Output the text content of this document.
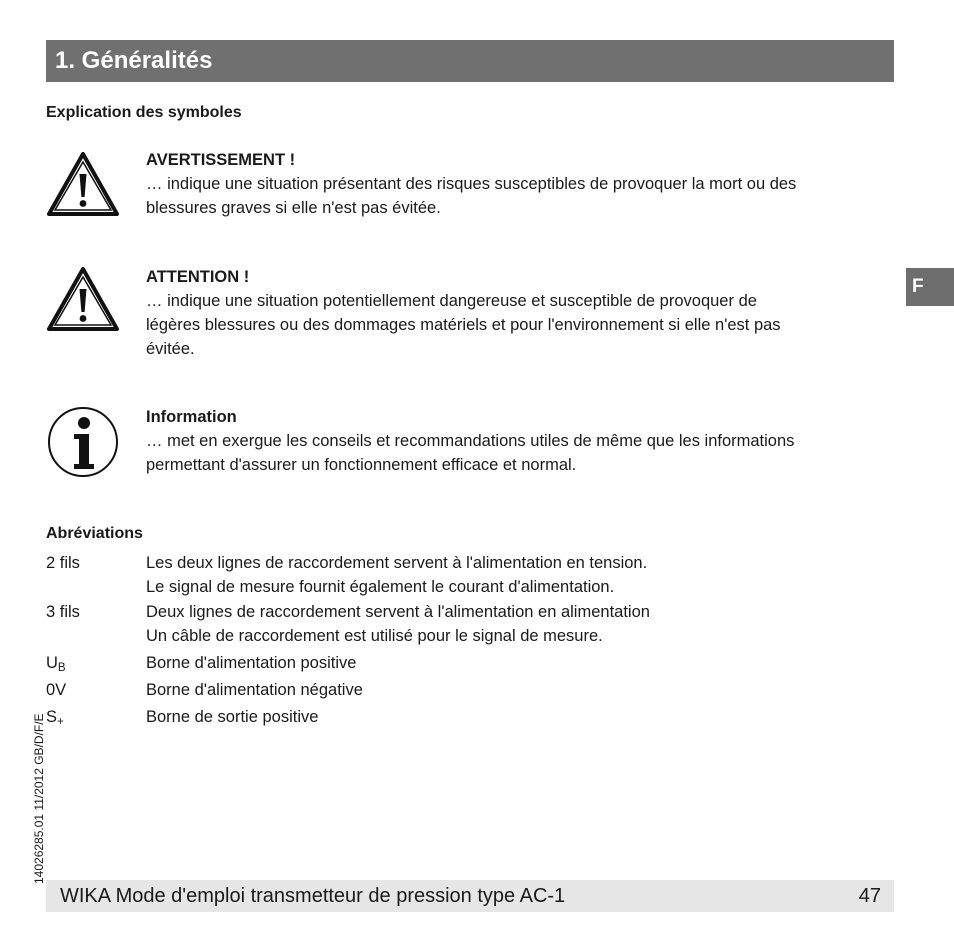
1. Généralités
F
Explication des symboles
AVERTISSEMENT !
… indique une situation présentant des risques susceptibles de provoquer la mort ou des
blessures graves si elle n'est pas évitée.
ATTENTION !
… indique une situation potentiellement dangereuse et susceptible de provoquer de
légères blessures ou des dommages matériels et pour l'environnement si elle n'est pas
évitée.
Information
… met en exergue les conseils et recommandations utiles de même que les informations
permettant d'assurer un fonctionnement efficace et normal.
Abréviations
2 fils	Les deux lignes de raccordement servent à l'alimentation en tension.
Le signal de mesure fournit également le courant d'alimentation.
3 fils	Deux lignes de raccordement servent à l'alimentation en alimentation
Un câble de raccordement est utilisé pour le signal de mesure.
$U_B$	Borne d'alimentation positive
0V	Borne d'alimentation négative
$S_+$	Borne de sortie positive
14026285.01 11/2012 GB/D/F/E
WIKA Mode d'emploi transmetteur de pression type AC-1	47
